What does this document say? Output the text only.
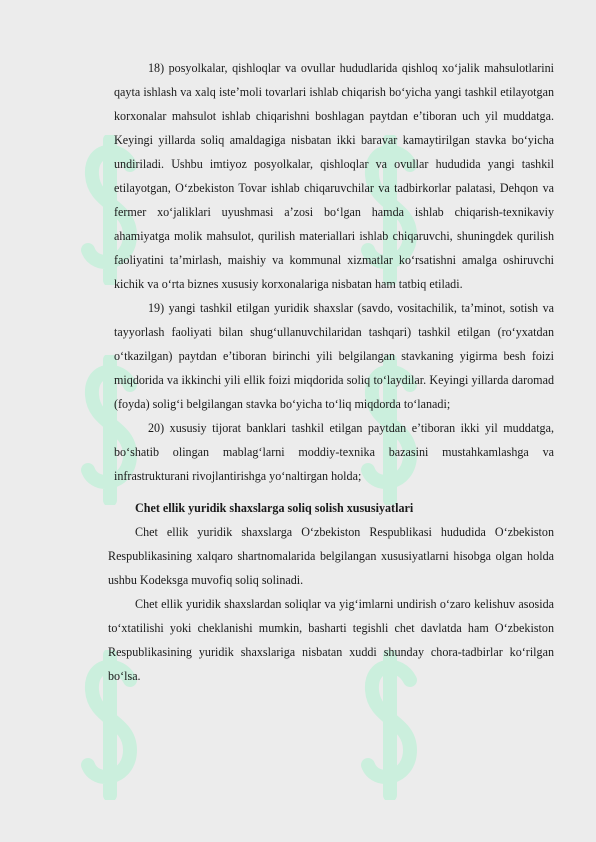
18) posyolkalar, qishloqlar va ovullar hududlarida qishloq xo‘jalik mahsulotlarini qayta ishlash va xalq iste’moli tovarlari ishlab chiqarish bo‘yicha yangi tashkil etilayotgan korxonalar mahsulot ishlab chiqarishni boshlagan paytdan e’tiboran uch yil muddatga. Keyingi yillarda soliq amaldagiga nisbatan ikki baravar kamaytirilgan stavka bo‘yicha undiriladi. Ushbu imtiyoz posyolkalar, qishloqlar va ovullar hududida yangi tashkil etilayotgan, O‘zbekiston Tovar ishlab chiqaruvchilar va tadbirkorlar palatasi, Dehqon va fermer xo‘jaliklari uyushmasi a’zosi bo‘lgan hamda ishlab chiqarish-texnikaviy ahamiyatga molik mahsulot, qurilish materiallari ishlab chiqaruvchi, shuningdek qurilish faoliyatini ta’mirlash, maishiy va kommunal xizmatlar ko‘rsatishni amalga oshiruvchi kichik va o‘rta biznes xususiy korxonalariga nisbatan ham tatbiq etiladi.

19) yangi tashkil etilgan yuridik shaxslar (savdo, vositachilik, ta’minot, sotish va tayyorlash faoliyati bilan shug‘ullanuvchilaridan tashqari) tashkil etilgan (ro‘yxatdan o‘tkazilgan) paytdan e’tiboran birinchi yili belgilangan stavkaning yigirma besh foizi miqdorida va ikkinchi yili ellik foizi miqdorida soliq to‘laydilar. Keyingi yillarda daromad (foyda) solig‘i belgilangan stavka bo‘yicha to‘liq miqdorda to‘lanadi;

20) xususiy tijorat banklari tashkil etilgan paytdan e’tiboran ikki yil muddatga, bo‘shatib olingan mablag‘larni moddiy-texnika bazasini mustahkamlashga va infrastrukturani rivojlantirishga yo‘naltirgan holda;

Chet ellik yuridik shaxslarga soliq solish xususiyatlari

Chet ellik yuridik shaxslarga O‘zbekiston Respublikasi hududida O‘zbekiston Respublikasining xalqaro shartnomalarida belgilangan xususiyatlarni hisobga olgan holda ushbu Kodeksga muvofiq soliq solinadi.

Chet ellik yuridik shaxslardan soliqlar va yig‘imlarni undirish o‘zaro kelishuv asosida to‘xtatilishi yoki cheklanishi mumkin, basharti tegishli chet davlatda ham O‘zbekiston Respublikasining yuridik shaxslariga nisbatan xuddi shunday chora-tadbirlar ko‘rilgan bo‘lsa.
